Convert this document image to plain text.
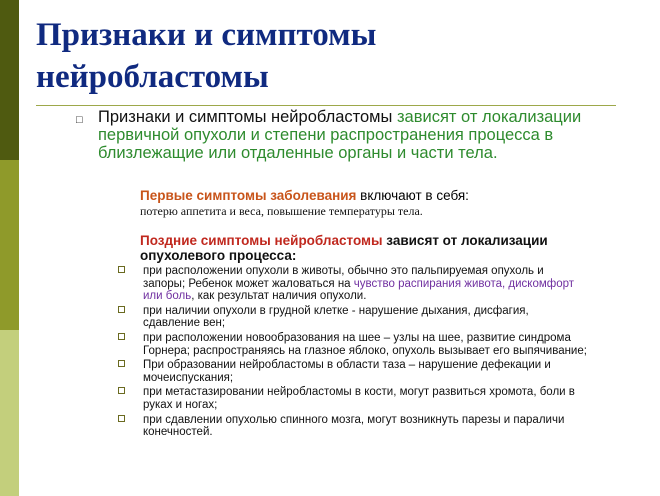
Признаки и симптомы
нейробластомы
□ Признаки и симптомы нейробластомы зависят от локализации первичной опухоли и степени распространения процесса в близлежащие или отдаленные органы и части тела.

Первые симптомы заболевания включают в себя:
потерю аппетита и веса, повышение температуры тела.

Поздние симптомы нейробластомы зависят от локализации опухолевого процесса:

при расположении опухоли в животы, обычно это пальпируемая опухоль и запоры; Ребенок может жаловаться на чувство распирания живота, дискомфорт или боль, как результат наличия опухоли.
при наличии опухоли в грудной клетке - нарушение дыхания, дисфагия, сдавление вен;
при расположении новообразования на шее – узлы на шее, развитие синдрома Горнера; распространяясь на глазное яблоко, опухоль вызывает его выпячивание;
При образовании нейробластомы в области таза – нарушение дефекации и мочеиспускания;
при метастазировании нейробластомы в кости, могут развиться хромота, боли в руках и ногах;
при сдавлении опухолью спинного мозга, могут возникнуть парезы и параличи конечностей.
